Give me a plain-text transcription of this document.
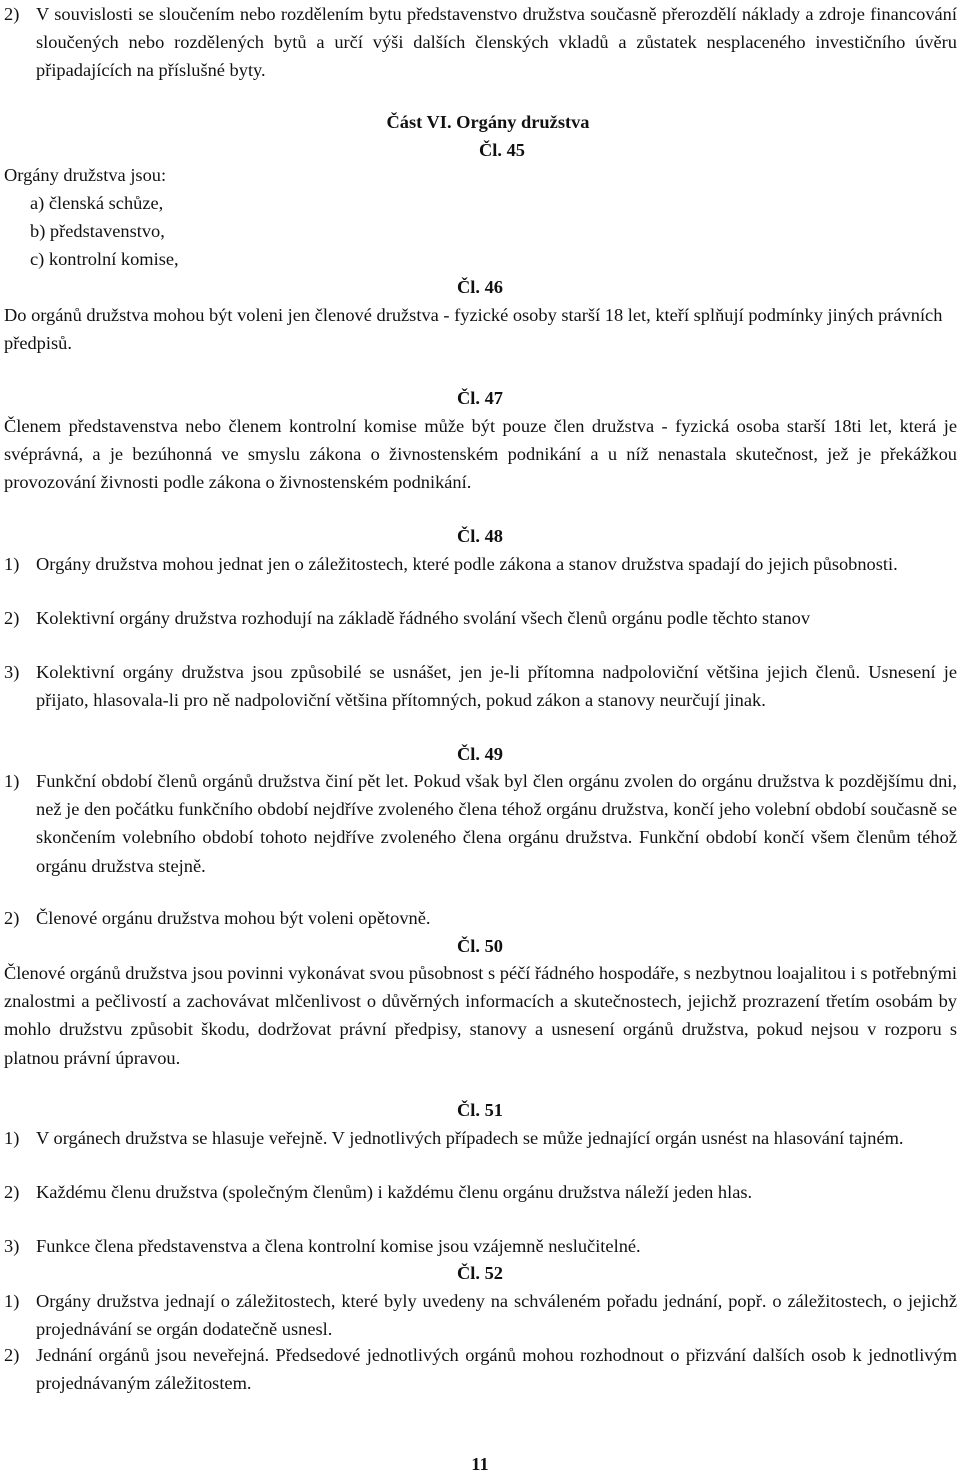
2) V souvislosti se sloučením nebo rozdělením bytu představenstvo družstva současně přerozdělí náklady a zdroje financování sloučených nebo rozdělených bytů a určí výši dalších členských vkladů a zůstatek nesplaceného investičního úvěru připadajících na příslušné byty.
Část VI. Orgány družstva
Čl. 45
Orgány družstva jsou:
a) členská schůze,
b) představenstvo,
c) kontrolní komise,
Čl. 46
Do orgánů družstva mohou být voleni jen členové družstva - fyzické osoby starší 18 let, kteří splňují podmínky jiných právních předpisů.
Čl. 47
Členem představenstva nebo členem kontrolní komise může být pouze člen družstva - fyzická osoba starší 18ti let, která je svéprávná, a je bezúhonná ve smyslu zákona o živnostenském podnikání a u níž nenastala skutečnost, jež je překážkou provozování živnosti podle zákona o živnostenském podnikání.
Čl. 48
1) Orgány družstva mohou jednat jen o záležitostech, které podle zákona a stanov družstva spadají do jejich působnosti.
2) Kolektivní orgány družstva rozhodují na základě řádného svolání všech členů orgánu podle těchto stanov
3) Kolektivní orgány družstva jsou způsobilé se usnášet, jen je-li přítomna nadpoloviční většina jejich členů. Usnesení je přijato, hlasovala-li pro ně nadpoloviční většina přítomných, pokud zákon a stanovy neurčují jinak.
Čl. 49
1) Funkční období členů orgánů družstva činí pět let. Pokud však byl člen orgánu zvolen do orgánu družstva k pozdějšímu dni, než je den počátku funkčního období nejdříve zvoleného člena téhož orgánu družstva, končí jeho volební období současně se skončením volebního období tohoto nejdříve zvoleného člena orgánu družstva. Funkční období končí všem členům téhož orgánu družstva stejně.
2) Členové orgánu družstva mohou být voleni opětovně.
Čl. 50
Členové orgánů družstva jsou povinni vykonávat svou působnost s péčí řádného hospodáře, s nezbytnou loajalitou i s potřebnými znalostmi a pečlivostí a zachovávat mlčenlivost o důvěrných informacích a skutečnostech, jejichž prozrazení třetím osobám by mohlo družstvu způsobit škodu, dodržovat právní předpisy, stanovy a usnesení orgánů družstva, pokud nejsou v rozporu s platnou právní úpravou.
Čl. 51
1) V orgánech družstva se hlasuje veřejně. V jednotlivých případech se může jednající orgán usnést na hlasování tajném.
2) Každému členu družstva (společným členům) i každému členu orgánu družstva náleží jeden hlas.
3) Funkce člena představenstva a člena kontrolní komise jsou vzájemně neslučitelné.
Čl. 52
1) Orgány družstva jednají o záležitostech, které byly uvedeny na schváleném pořadu jednání, popř. o záležitostech, o jejichž projednávání se orgán dodatečně usnesl.
2) Jednání orgánů jsou neveřejná. Předsedové jednotlivých orgánů mohou rozhodnout o přizvání dalších osob k jednotlivým projednávaným záležitostem.
11
